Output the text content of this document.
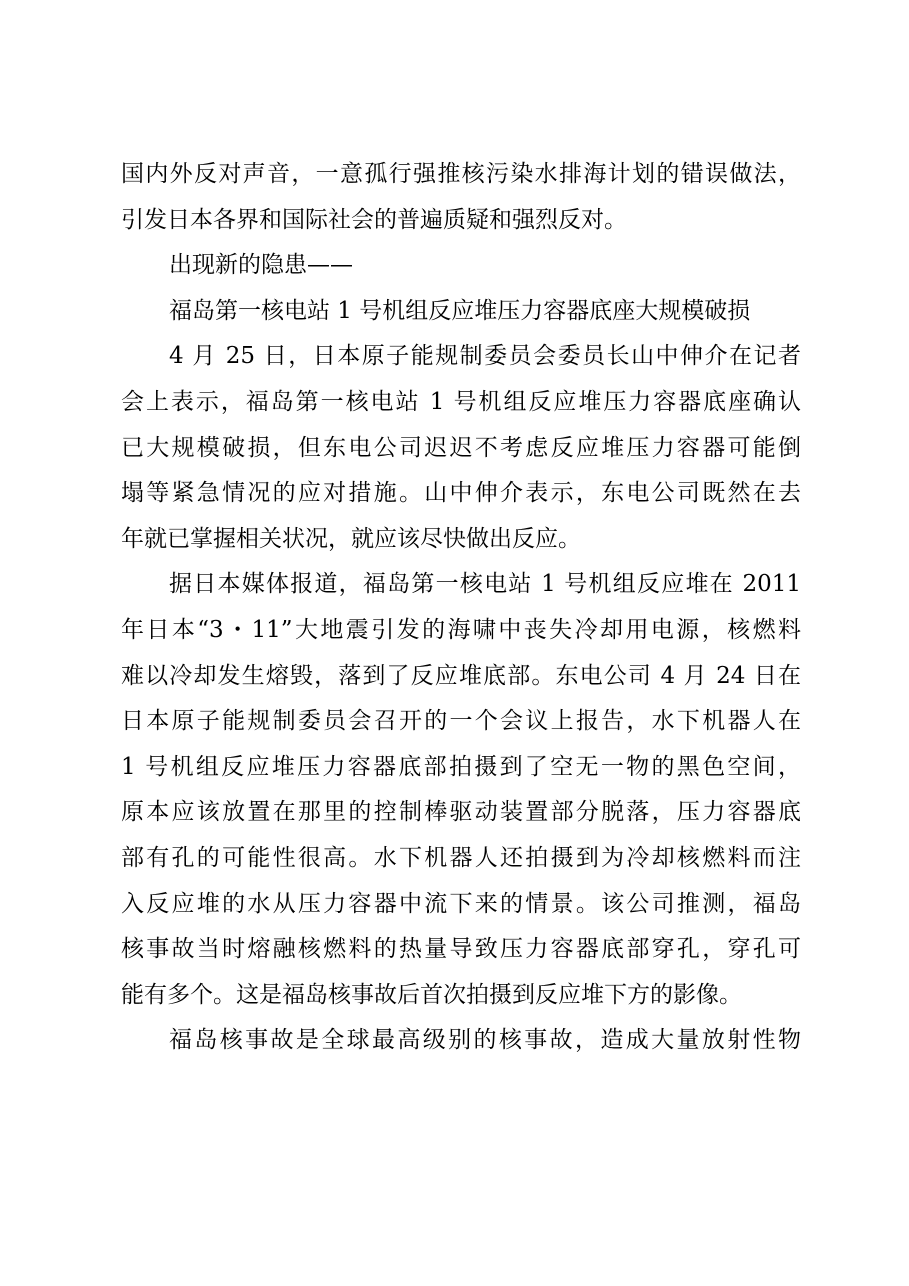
国内外反对声音，一意孤行强推核污染水排海计划的错误做法，
引发日本各界和国际社会的普遍质疑和强烈反对。
出现新的隐患——
福岛第一核电站 1 号机组反应堆压力容器底座大规模破损
4 月 25 日，日本原子能规制委员会委员长山中伸介在记者
会上表示，福岛第一核电站 1 号机组反应堆压力容器底座确认
已大规模破损，但东电公司迟迟不考虑反应堆压力容器可能倒
塌等紧急情况的应对措施。山中伸介表示，东电公司既然在去
年就已掌握相关状况，就应该尽快做出反应。
据日本媒体报道，福岛第一核电站 1 号机组反应堆在 2011
年日本“3・11”大地震引发的海啸中丧失冷却用电源，核燃料
难以冷却发生熔毁，落到了反应堆底部。东电公司 4 月 24 日在
日本原子能规制委员会召开的一个会议上报告，水下机器人在
1 号机组反应堆压力容器底部拍摄到了空无一物的黑色空间，
原本应该放置在那里的控制棒驱动装置部分脱落，压力容器底
部有孔的可能性很高。水下机器人还拍摄到为冷却核燃料而注
入反应堆的水从压力容器中流下来的情景。该公司推测，福岛
核事故当时熔融核燃料的热量导致压力容器底部穿孔，穿孔可
能有多个。这是福岛核事故后首次拍摄到反应堆下方的影像。
福岛核事故是全球最高级别的核事故，造成大量放射性物
